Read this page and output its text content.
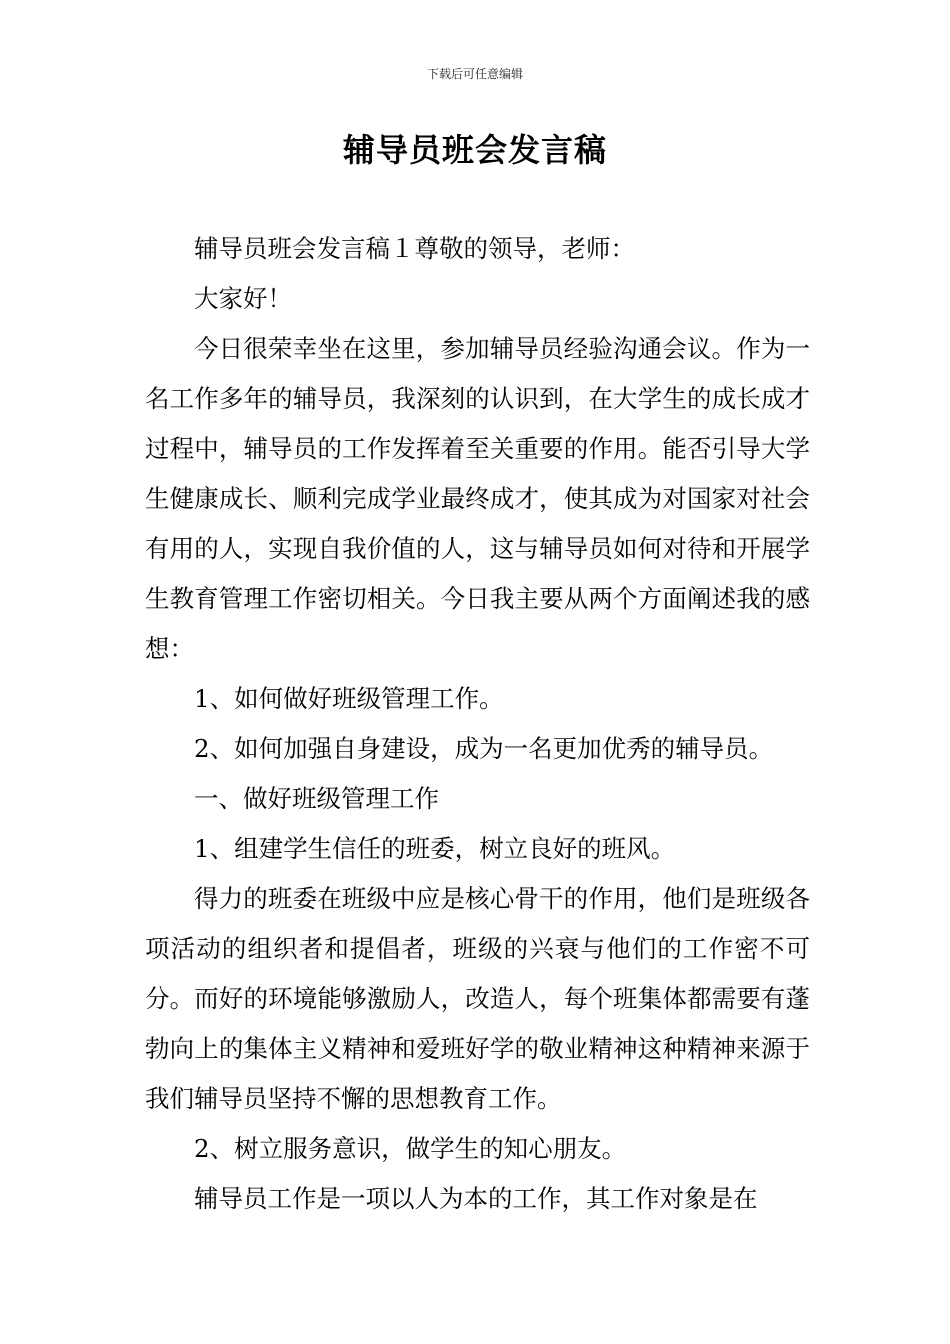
下载后可任意编辑
辅导员班会发言稿

辅导员班会发言稿１尊敬的领导，老师：

大家好！

今日很荣幸坐在这里，参加辅导员经验沟通会议。作为一名工作多年的辅导员，我深刻的认识到，在大学生的成长成才过程中，辅导员的工作发挥着至关重要的作用。能否引导大学生健康成长、顺利完成学业最终成才，使其成为对国家对社会有用的人，实现自我价值的人，这与辅导员如何对待和开展学生教育管理工作密切相关。今日我主要从两个方面阐述我的感想：

1、如何做好班级管理工作。

2、如何加强自身建设，成为一名更加优秀的辅导员。

一、做好班级管理工作

1、组建学生信任的班委，树立良好的班风。

得力的班委在班级中应是核心骨干的作用，他们是班级各项活动的组织者和提倡者，班级的兴衰与他们的工作密不可分。而好的环境能够激励人，改造人，每个班集体都需要有蓬勃向上的集体主义精神和爱班好学的敬业精神这种精神来源于我们辅导员坚持不懈的思想教育工作。

2、树立服务意识，做学生的知心朋友。

辅导员工作是一项以人为本的工作，其工作对象是在
